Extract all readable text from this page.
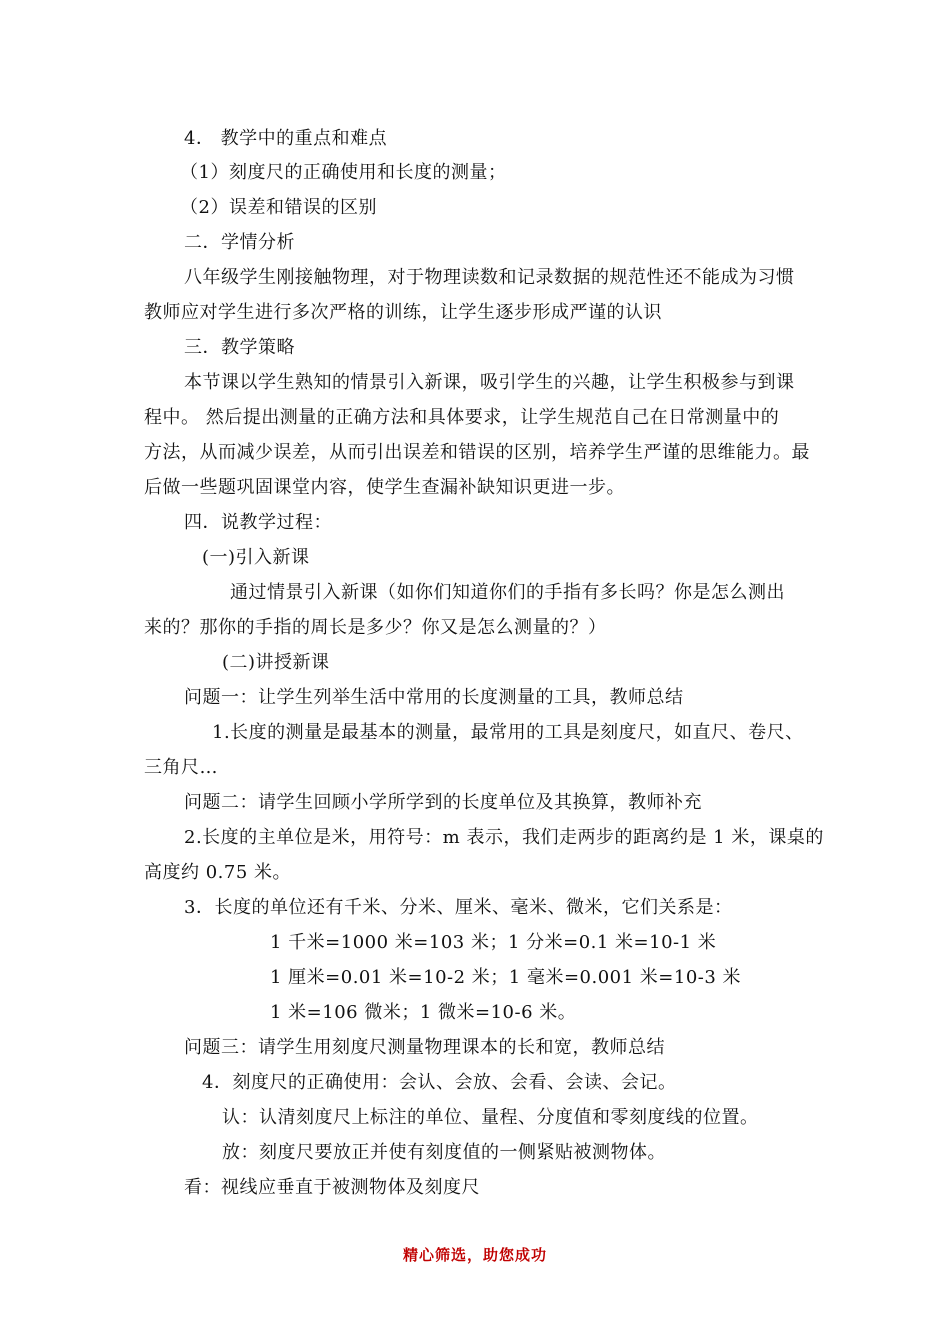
4． 教学中的重点和难点
（1）刻度尺的正确使用和长度的测量；
（2）误差和错误的区别
二．学情分析
八年级学生刚接触物理，对于物理读数和记录数据的规范性还不能成为习惯
教师应对学生进行多次严格的训练，让学生逐步形成严谨的认识
三．教学策略
本节课以学生熟知的情景引入新课，吸引学生的兴趣，让学生积极参与到课
程中。 然后提出测量的正确方法和具体要求，让学生规范自己在日常测量中的
方法，从而减少误差，从而引出误差和错误的区别，培养学生严谨的思维能力。最
后做一些题巩固课堂内容，使学生查漏补缺知识更进一步。
四．说教学过程：
(一)引入新课
通过情景引入新课（如你们知道你们的手指有多长吗？你是怎么测出
来的？那你的手指的周长是多少？你又是怎么测量的？）
(二)讲授新课
问题一：让学生列举生活中常用的长度测量的工具，教师总结
1.长度的测量是最基本的测量，最常用的工具是刻度尺，如直尺、卷尺、
三角尺…
问题二：请学生回顾小学所学到的长度单位及其换算，教师补充
2.长度的主单位是米，用符号：m 表示，我们走两步的距离约是 1 米，课桌的
高度约 0.75 米。
3．长度的单位还有千米、分米、厘米、毫米、微米，它们关系是：
1 千米=1000 米=103 米；1 分米=0.1 米=10-1 米
1 厘米=0.01 米=10-2 米；1 毫米=0.001 米=10-3 米
1 米=106 微米；1 微米=10-6 米。
问题三：请学生用刻度尺测量物理课本的长和宽，教师总结
4．刻度尺的正确使用：会认、会放、会看、会读、会记。
认：认清刻度尺上标注的单位、量程、分度值和零刻度线的位置。
放：刻度尺要放正并使有刻度值的一侧紧贴被测物体。
看：视线应垂直于被测物体及刻度尺
精心筛选，助您成功
